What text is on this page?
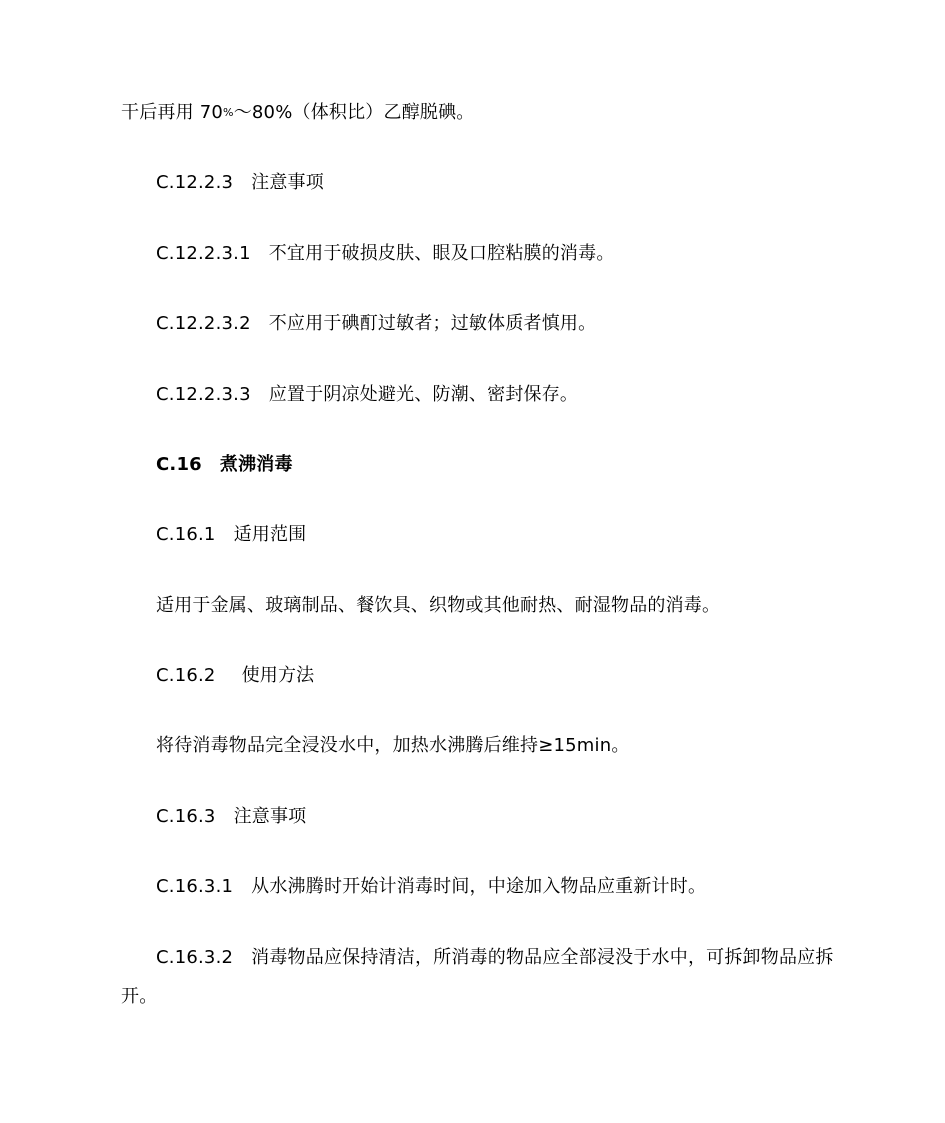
干后再用 70%～80%（体积比）乙醇脱碘。
C.12.2.3 注意事项
C.12.2.3.1 不宜用于破损皮肤、眼及口腔粘膜的消毒。
C.12.2.3.2 不应用于碘酊过敏者；过敏体质者慎用。
C.12.2.3.3 应置于阴凉处避光、防潮、密封保存。
C.16 煮沸消毒
C.16.1 适用范围
适用于金属、玻璃制品、餐饮具、织物或其他耐热、耐湿物品的消毒。
C.16.2 使用方法
将待消毒物品完全浸没水中，加热水沸腾后维持≥15min。
C.16.3 注意事项
C.16.3.1 从水沸腾时开始计消毒时间，中途加入物品应重新计时。
C.16.3.2 消毒物品应保持清洁，所消毒的物品应全部浸没于水中，可拆卸物品应拆
开。
